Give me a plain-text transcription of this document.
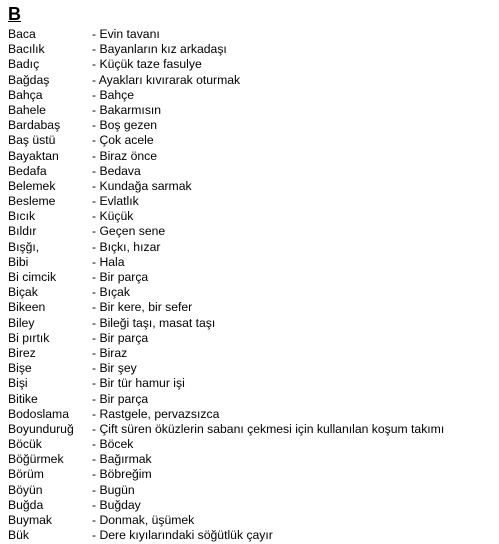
B
Baca	- Evin tavanı
Bacılık	- Bayanların kız arkadaşı
Badıç	- Küçük taze fasulye
Bağdaş	- Ayakları kıvırarak oturmak
Bahça	- Bahçe
Bahele	- Bakarmısın
Bardabaş	- Boş gezen
Baş üstü	- Çok acele
Bayaktan	- Biraz önce
Bedafa	- Bedava
Belemek	- Kundağa sarmak
Besleme	- Evlatlık
Bıcık	- Küçük
Bıldır	- Geçen sene
Bışğı,	- Bıçkı, hızar
Bibi	- Hala
Bi cimcik	- Bir parça
Biçak	- Bıçak
Bikeen	- Bir kere, bir sefer
Biley	- Bileği taşı, masat taşı
Bi pırtık	- Bir parça
Birez	- Biraz
Bişe	- Bir şey
Bişi	- Bir tür hamur işi
Bitike	- Bir parça
Bodoslama - Rastgele, pervazsızca
Boyunduruğ - Çift süren öküzlerin sabanı çekmesi için kullanılan koşum takımı
Böcük	- Böcek
Böğürmek - Bağırmak
Börüm	- Böbreğim
Böyün	- Bugün
Buğda	- Buğday
Buymak	- Donmak, üşümek
Bük	- Dere kıyılarındaki söğütlük çayır
